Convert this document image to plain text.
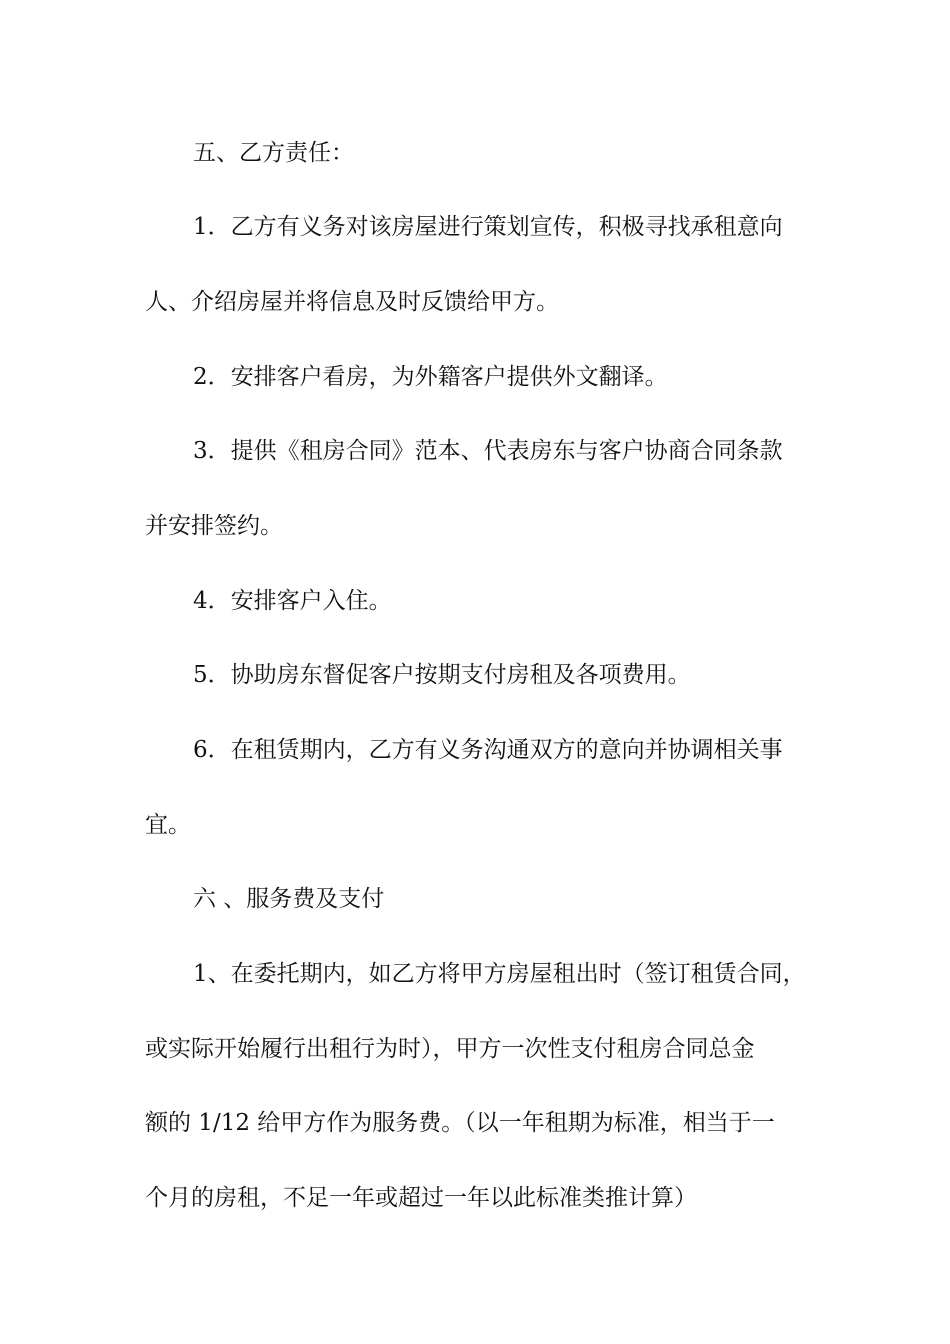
五、乙方责任：
1．乙方有义务对该房屋进行策划宣传，积极寻找承租意向
人、介绍房屋并将信息及时反馈给甲方。
2．安排客户看房，为外籍客户提供外文翻译。
3．提供《租房合同》范本、代表房东与客户协商合同条款
并安排签约。
4．安排客户入住。
5．协助房东督促客户按期支付房租及各项费用。
6．在租赁期内，乙方有义务沟通双方的意向并协调相关事
宜。
六 、服务费及支付
1、在委托期内，如乙方将甲方房屋租出时（签订租赁合同，
或实际开始履行出租行为时），甲方一次性支付租房合同总金
额的 1/12 给甲方作为服务费。（以一年租期为标准，相当于一
个月的房租，不足一年或超过一年以此标准类推计算）
